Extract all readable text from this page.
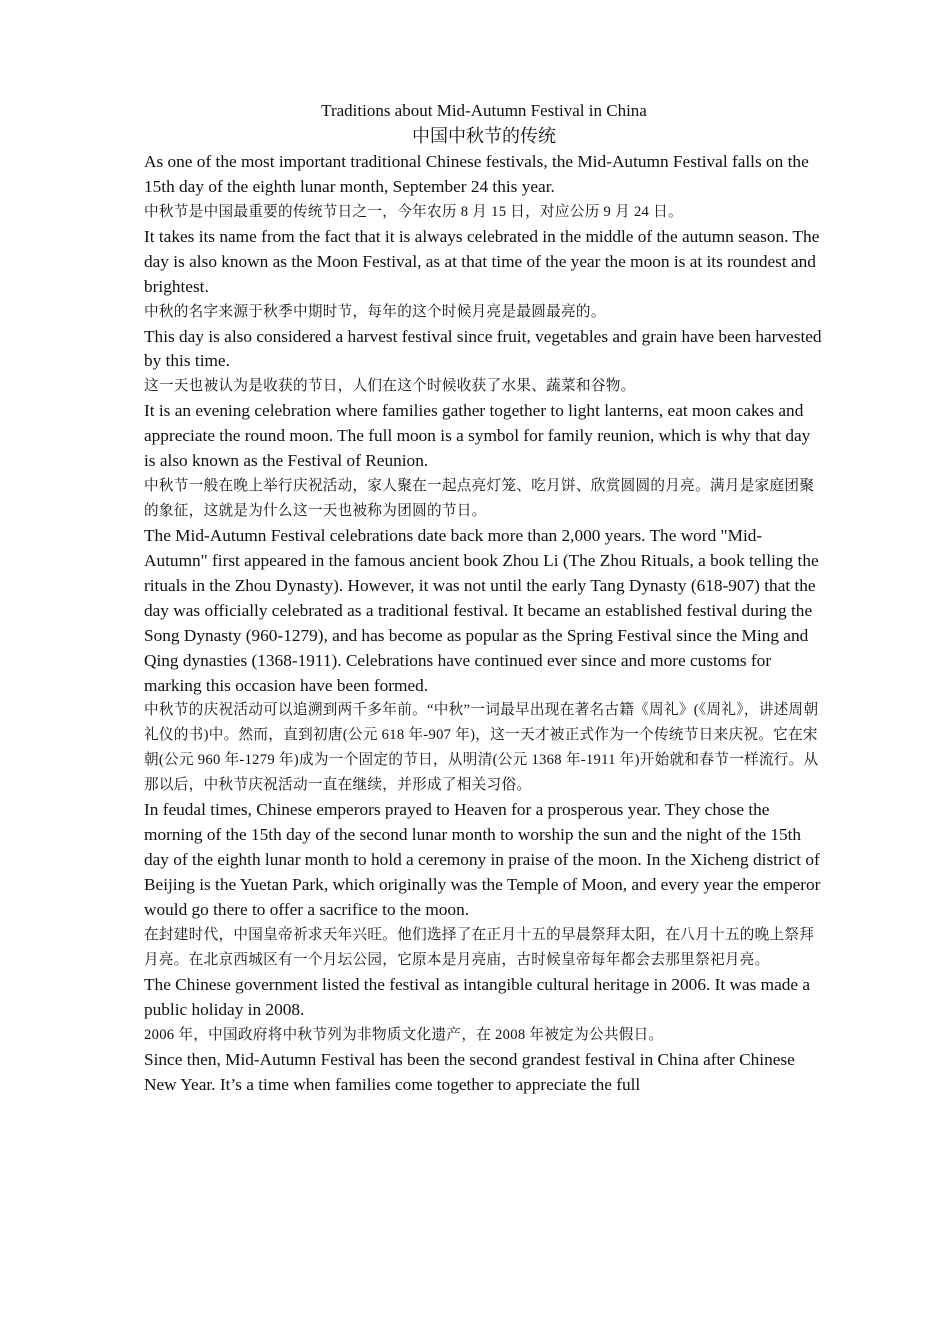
Traditions about Mid-Autumn Festival in China
中国中秋节的传统

As one of the most important traditional Chinese festivals, the Mid-Autumn Festival falls on the 15th day of the eighth lunar month, September 24 this year.

中秋节是中国最重要的传统节日之一，今年农历 8 月 15 日，对应公历 9 月 24 日。

It takes its name from the fact that it is always celebrated in the middle of the autumn season. The day is also known as the Moon Festival, as at that time of the year the moon is at its roundest and brightest.

中秋的名字来源于秋季中期时节，每年的这个时候月亮是最圆最亮的。

This day is also considered a harvest festival since fruit, vegetables and grain have been harvested by this time.

这一天也被认为是收获的节日，人们在这个时候收获了水果、蔬菜和谷物。

It is an evening celebration where families gather together to light lanterns, eat moon cakes and appreciate the round moon. The full moon is a symbol for family reunion, which is why that day is also known as the Festival of Reunion.

中秋节一般在晚上举行庆祝活动，家人聚在一起点亮灯笼、吃月饼、欣赏圆圆的月亮。满月是家庭团聚的象征，这就是为什么这一天也被称为团圆的节日。

The Mid-Autumn Festival celebrations date back more than 2,000 years. The word "Mid-Autumn" first appeared in the famous ancient book Zhou Li (The Zhou Rituals, a book telling the rituals in the Zhou Dynasty). However, it was not until the early Tang Dynasty (618-907) that the day was officially celebrated as a traditional festival. It became an established festival during the Song Dynasty (960-1279), and has become as popular as the Spring Festival since the Ming and Qing dynasties (1368-1911). Celebrations have continued ever since and more customs for marking this occasion have been formed.

中秋节的庆祝活动可以追溯到两千多年前。“中秋”一词最早出现在著名古籍《周礼》(《周礼》，讲述周朝礼仪的书)中。然而，直到初唐(公元 618 年-907 年)，这一天才被正式作为一个传统节日来庆祝。它在宋朝(公元 960 年-1279 年)成为一个固定的节日，从明清(公元 1368 年-1911 年)开始就和春节一样流行。从那以后，中秋节庆祝活动一直在继续，并形成了相关习俗。

In feudal times, Chinese emperors prayed to Heaven for a prosperous year. They chose the morning of the 15th day of the second lunar month to worship the sun and the night of the 15th day of the eighth lunar month to hold a ceremony in praise of the moon. In the Xicheng district of Beijing is the Yuetan Park, which originally was the Temple of Moon, and every year the emperor would go there to offer a sacrifice to the moon.

在封建时代，中国皇帝祈求天年兴旺。他们选择了在正月十五的早晨祭拜太阳，在八月十五的晚上祭拜月亮。在北京西城区有一个月坛公园，它原本是月亮庙，古时候皇帝每年都会去那里祭祀月亮。

The Chinese government listed the festival as intangible cultural heritage in 2006. It was made a public holiday in 2008.

2006 年，中国政府将中秋节列为非物质文化遗产，在 2008 年被定为公共假日。

Since then, Mid-Autumn Festival has been the second grandest festival in China after Chinese New Year. It’s a time when families come together to appreciate the full
